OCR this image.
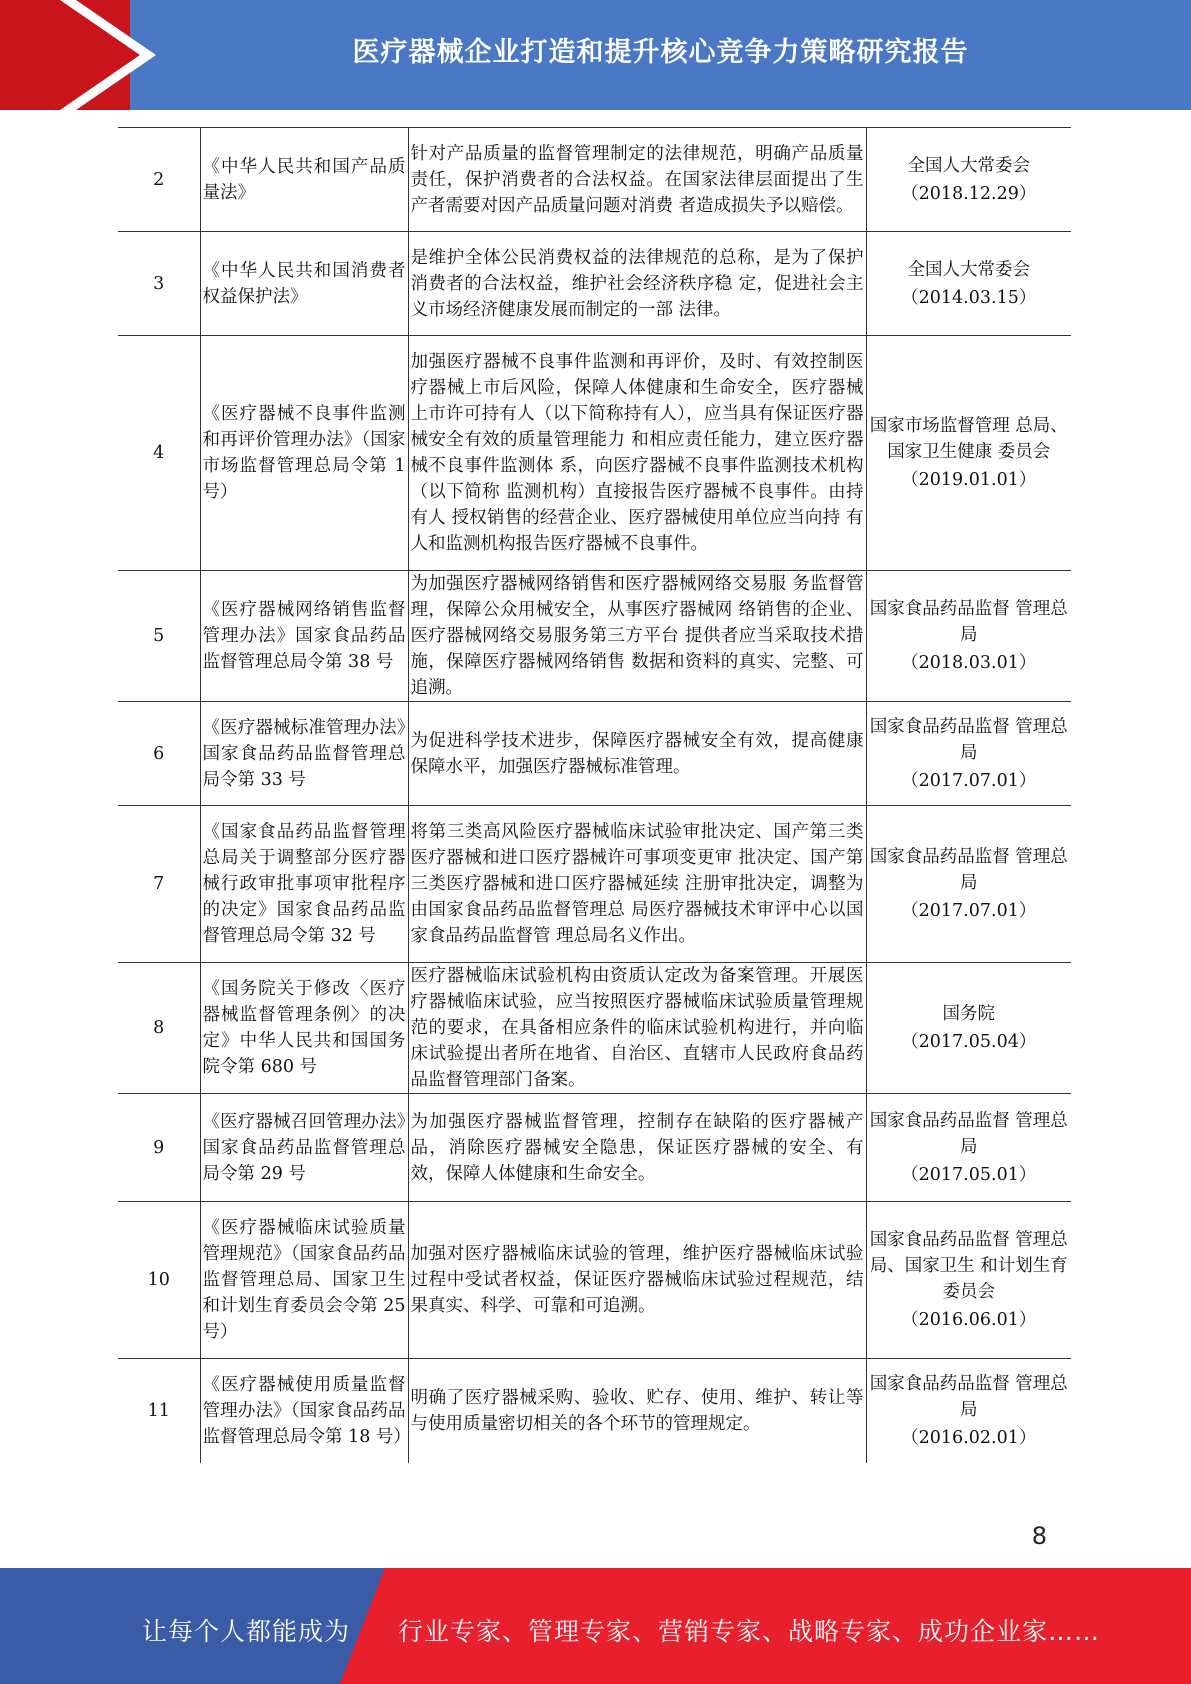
医疗器械企业打造和提升核心竞争力策略研究报告
2	《中华人民共和国产品质量法》	针对产品质量的监督管理制定的法律规范，明确产品质量责任，保护消费者的合法权益。在国家法律层面提出了生产者需要对因产品质量问题对消费 者造成损失予以赔偿。	全国人大常委会
（2018.12.29）

3	《中华人民共和国消费者权益保护法》	是维护全体公民消费权益的法律规范的总称，是为了保护消费者的合法权益，维护社会经济秩序稳 定，促进社会主义市场经济健康发展而制定的一部 法律。	全国人大常委会
（2014.03.15）

4	《医疗器械不良事件监测和再评价管理办法》（国家市场监督管理总局令第 1 号）	加强医疗器械不良事件监测和再评价，及时、有效控制医疗器械上市后风险，保障人体健康和生命安全，医疗器械上市许可持有人（以下简称持有人），应当具有保证医疗器械安全有效的质量管理能力 和相应责任能力，建立医疗器械不良事件监测体 系，向医疗器械不良事件监测技术机构（以下简称 监测机构）直接报告医疗器械不良事件。由持有人 授权销售的经营企业、医疗器械使用单位应当向持 有人和监测机构报告医疗器械不良事件。	国家市场监督管理 总局、国家卫生健康 委员会
（2019.01.01）

5	《医疗器械网络销售监督管理办法》国家食品药品监督管理总局令第 38 号	为加强医疗器械网络销售和医疗器械网络交易服 务监督管理，保障公众用械安全，从事医疗器械网 络销售的企业、医疗器械网络交易服务第三方平台 提供者应当采取技术措施，保障医疗器械网络销售 数据和资料的真实、完整、可追溯。	国家食品药品监督 管理总局
（2018.03.01）

6	《医疗器械标准管理办法》国家食品药品监督管理总局令第 33 号	为促进科学技术进步，保障医疗器械安全有效，提高健康保障水平，加强医疗器械标准管理。	国家食品药品监督 管理总局
（2017.07.01）

7	《国家食品药品监督管理总局关于调整部分医疗器械行政审批事项审批程序的决定》国家食品药品监 督管理总局令第 32 号	将第三类高风险医疗器械临床试验审批决定、国产第三类医疗器械和进口医疗器械许可事项变更审 批决定、国产第三类医疗器械和进口医疗器械延续 注册审批决定，调整为由国家食品药品监督管理总 局医疗器械技术审评中心以国家食品药品监督管 理总局名义作出。	国家食品药品监督 管理总局
（2017.07.01）

8	《国务院关于修改〈医疗器械监督管理条例〉的决定》中华人民共和国国务院令第 680 号	医疗器械临床试验机构由资质认定改为备案管理。开展医疗器械临床试验，应当按照医疗器械临床试验质量管理规范的要求，在具备相应条件的临床试验机构进行，并向临床试验提出者所在地省、自治区、直辖市人民政府食品药品监督管理部门备案。	国务院
（2017.05.04）

9	《医疗器械召回管理办法》国家食品药品监督管理总局令第 29 号	为加强医疗器械监督管理，控制存在缺陷的医疗器械产品，消除医疗器械安全隐患，保证医疗器械的安全、有效，保障人体健康和生命安全。	国家食品药品监督 管理总局
（2017.05.01）

10	《医疗器械临床试验质量管理规范》（国家食品药品监督管理总局、国家卫生和计划生育委员会令第 25 号）	加强对医疗器械临床试验的管理，维护医疗器械临床试验过程中受试者权益，保证医疗器械临床试验过程规范，结果真实、科学、可靠和可追溯。	国家食品药品监督 管理总局、国家卫生 和计划生育委员会
（2016.06.01）

11	《医疗器械使用质量监督管理办法》（国家食品药品监督管理总局令第 18 号）	明确了医疗器械采购、验收、贮存、使用、维护、转让等与使用质量密切相关的各个环节的管理规定。	国家食品药品监督 管理总局
（2016.02.01）
8
让每个人都能成为 行业专家、管理专家、营销专家、战略专家、成功企业家……
